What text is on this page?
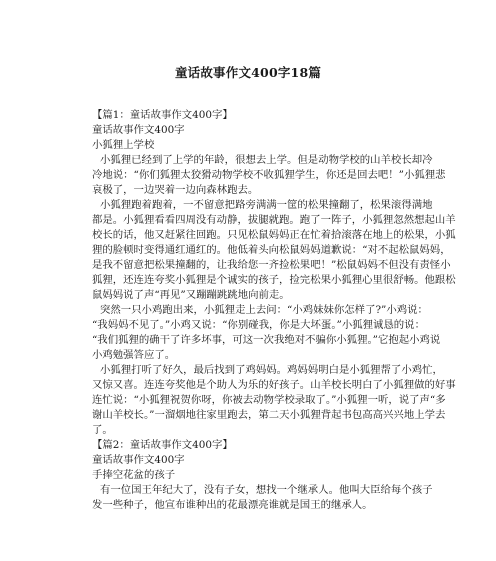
童话故事作文400字18篇
【篇1：童话故事作文400字】
童话故事作文400字
小狐狸上学校
小狐狸已经到了上学的年龄，很想去上学。但是动物学校的山羊校长却冷
冷地说：“你们狐狸太狡猾动物学校不收狐狸学生，你还是回去吧！”小狐狸悲
哀极了，一边哭着一边向森林跑去。
小狐狸跑着跑着，一不留意把路旁满满一筐的松果撞翻了，松果滚得满地
都是。小狐狸看看四周没有动静，拔腿就跑。跑了一阵子，小狐狸忽然想起山羊
校长的话，他又赶紧往回跑。只见松鼠妈妈正在忙着拾滚落在地上的松果，小狐
狸的脸顿时变得通红通红的。他低着头向松鼠妈妈道歉说：“对不起松鼠妈妈，
是我不留意把松果撞翻的，让我给您一齐捡松果吧！”松鼠妈妈不但没有责怪小
狐狸，还连连夸奖小狐狸是个诚实的孩子，捡完松果小狐狸心里很舒畅。他跟松
鼠妈妈说了声“再见”又蹦蹦跳跳地向前走。
突然一只小鸡跑出来，小狐狸走上去问：“小鸡妹妹你怎样了?”小鸡说：
“我妈妈不见了。”小鸡又说：“你别碰我，你是大坏蛋。”小狐狸诚恳的说：
“我们狐狸的确干了许多坏事，可这一次我绝对不骗你小狐狸。”它抱起小鸡说
小鸡勉强答应了。
小狐狸打听了好久，最后找到了鸡妈妈。鸡妈妈明白是小狐狸帮了小鸡忙，
又惊又喜。连连夸奖他是个助人为乐的好孩子。山羊校长明白了小狐狸做的好事
连忙说：“小狐狸祝贺你呀，你被去动物学校录取了。”小狐狸一听，说了声“多
谢山羊校长。”一溜烟地往家里跑去，第二天小狐狸背起书包高高兴兴地上学去
了。
【篇2：童话故事作文400字】
童话故事作文400字
手捧空花盆的孩子
有一位国王年纪大了，没有子女，想找一个继承人。他叫大臣给每个孩子
发一些种子，他宣布谁种出的花最漂亮谁就是国王的继承人。
